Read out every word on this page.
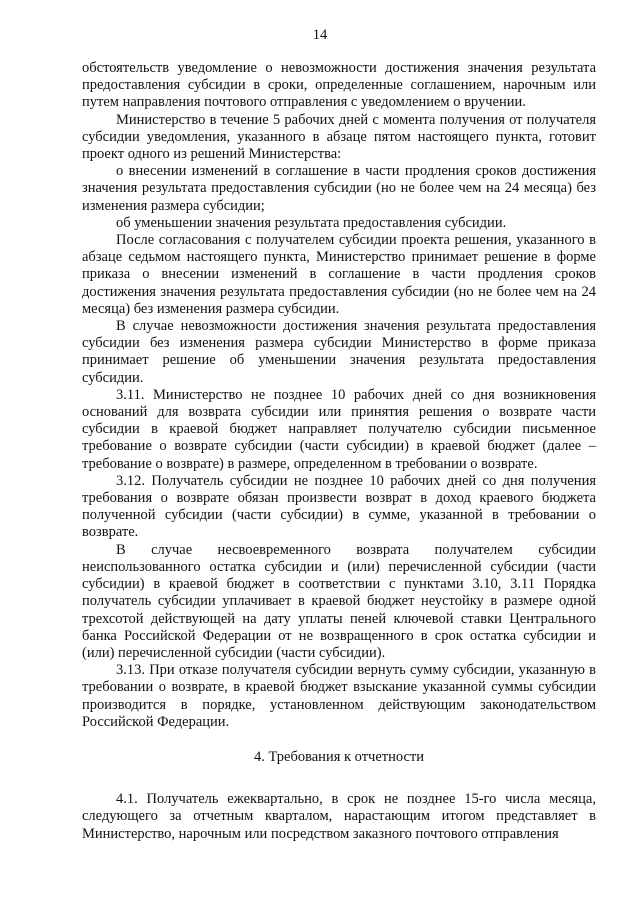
14

обстоятельств уведомление о невозможности достижения значения результата предоставления субсидии в сроки, определенные соглашением, нарочным или путем направления почтового отправления с уведомлением о вручении.

Министерство в течение 5 рабочих дней с момента получения от получателя субсидии уведомления, указанного в абзаце пятом настоящего пункта, готовит проект одного из решений Министерства:

о внесении изменений в соглашение в части продления сроков достижения значения результата предоставления субсидии (но не более чем на 24 месяца) без изменения размера субсидии;

об уменьшении значения результата предоставления субсидии.

После согласования с получателем субсидии проекта решения, указанного в абзаце седьмом настоящего пункта, Министерство принимает решение в форме приказа о внесении изменений в соглашение в части продления сроков достижения значения результата предоставления субсидии (но не более чем на 24 месяца) без изменения размера субсидии.

В случае невозможности достижения значения результата предоставления субсидии без изменения размера субсидии Министерство в форме приказа принимает решение об уменьшении значения результата предоставления субсидии.

3.11. Министерство не позднее 10 рабочих дней со дня возникновения оснований для возврата субсидии или принятия решения о возврате части субсидии в краевой бюджет направляет получателю субсидии письменное требование о возврате субсидии (части субсидии) в краевой бюджет (далее – требование о возврате) в размере, определенном в требовании о возврате.

3.12. Получатель субсидии не позднее 10 рабочих дней со дня получения требования о возврате обязан произвести возврат в доход краевого бюджета полученной субсидии (части субсидии) в сумме, указанной в требовании о возврате.

В случае несвоевременного возврата получателем субсидии неиспользованного остатка субсидии и (или) перечисленной субсидии (части субсидии) в краевой бюджет в соответствии с пунктами 3.10, 3.11 Порядка получатель субсидии уплачивает в краевой бюджет неустойку в размере одной трехсотой действующей на дату уплаты пеней ключевой ставки Центрального банка Российской Федерации от не возвращенного в срок остатка субсидии и (или) перечисленной субсидии (части субсидии).

3.13. При отказе получателя субсидии вернуть сумму субсидии, указанную в требовании о возврате, в краевой бюджет взыскание указанной суммы субсидии производится в порядке, установленном действующим законодательством Российской Федерации.

4. Требования к отчетности

4.1. Получатель ежеквартально, в срок не позднее 15-го числа месяца, следующего за отчетным кварталом, нарастающим итогом представляет в Министерство, нарочным или посредством заказного почтового отправления
